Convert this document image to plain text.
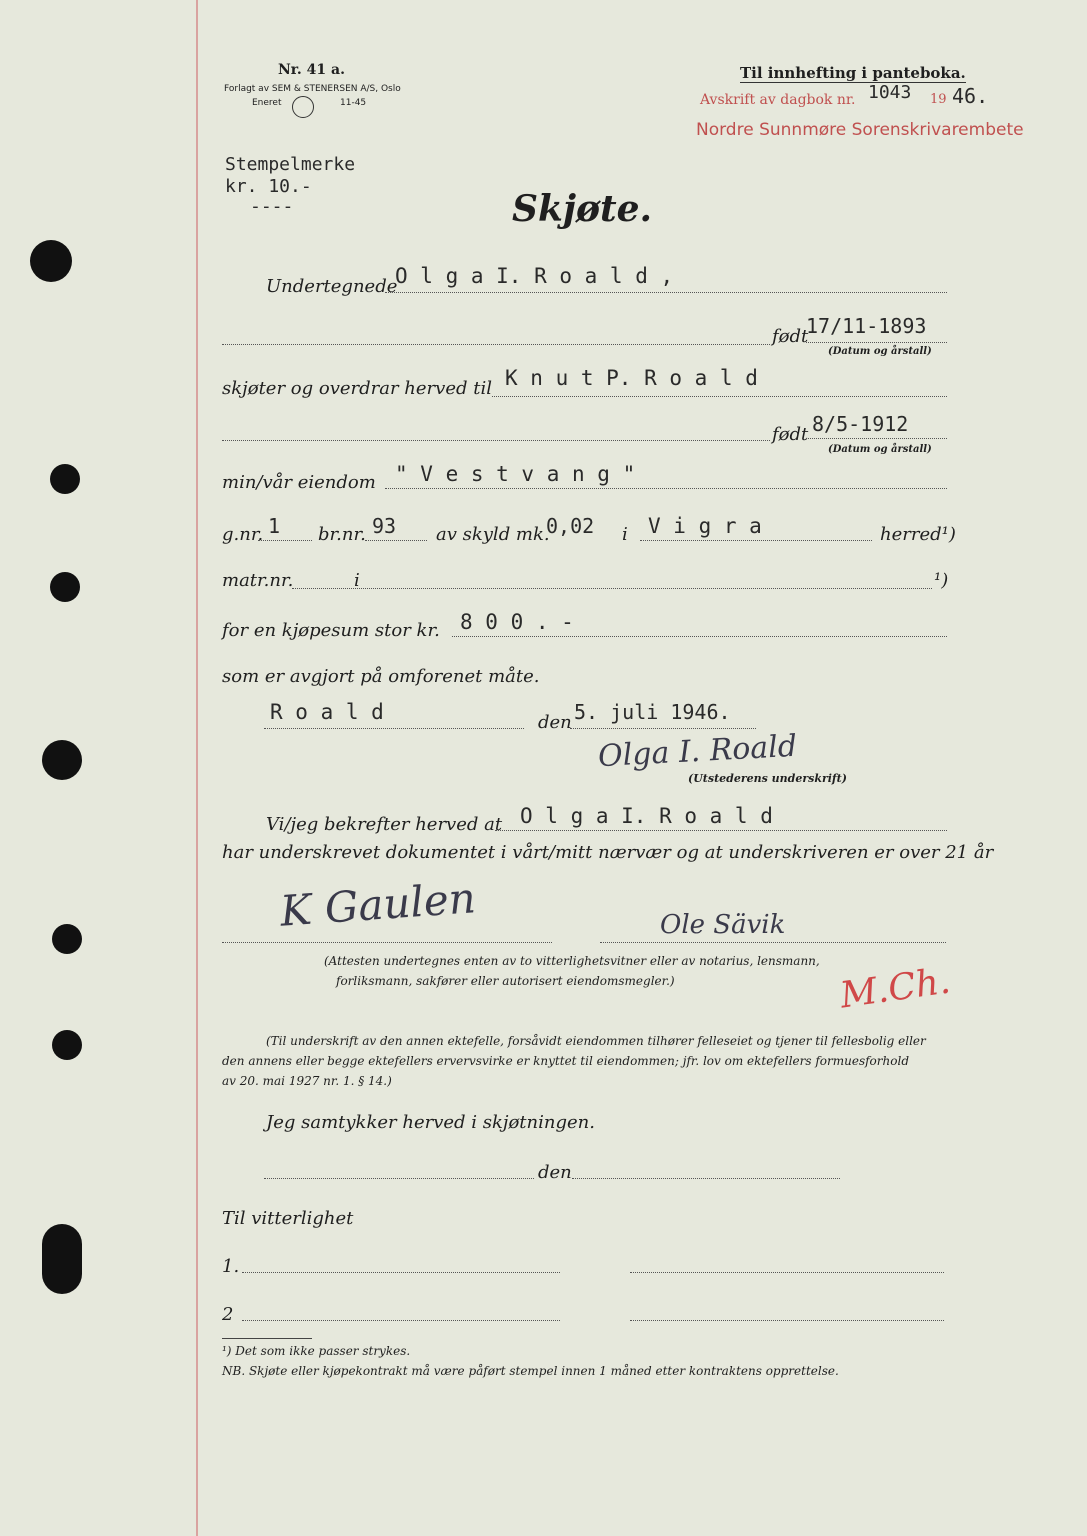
Nr. 41 a.
Forlagt av SEM & STENERSEN A/S, Oslo
Eneret	11-45
Til innhefting i panteboka.
Avskrift av dagbok nr. 1043 19 46.
Nordre Sunnmøre Sorenskrivarembete
Stempelmerke
kr. 10.-
----	Skjøte.
Undertegnede
O l g a I. R o a l d ,
født
17/11-1893
(Datum og årstall)
skjøter og overdrar herved til K n u t P. R o a l d
født 8/5-1912
(Datum og årstall)
min/vår eiendom " V e s t v a n g "
g.nr. 1 br.nr. 93 av skyld mk.
0,02 i V i g r a	herred¹)
matr.nr.	i	¹)
for en kjøpesum stor kr. 8 0 0 . -
som er avgjort på omforenet måte.
R o a l d	den 5. juli 1946.
Olga I. Roald
(Utstederens underskrift)
Vi/jeg bekrefter herved at O l g a I. R o a l d
har underskrevet dokumentet i vårt/mitt nærvær og at underskriveren er over 21 år
K Gaulen	Ole Sävik
(Attesten undertegnes enten av to vitterlighetsvitner eller av notarius, lensmann,
forliksmann, sakfører eller autorisert eiendomsmegler.)	M.Ch.
(Til underskrift av den annen ektefelle, forsåvidt eiendommen tilhører felleseiet og tjener til fellesbolig eller
den annens eller begge ektefellers ervervsvirke er knyttet til eiendommen; jfr. lov om ektefellers formuesforhold
av 20. mai 1927 nr. 1. § 14.)
Jeg samtykker herved i skjøtningen.
den
Til vitterlighet
1.
2
¹) Det som ikke passer strykes.
NB. Skjøte eller kjøpekontrakt må være påført stempel innen 1 måned etter kontraktens opprettelse.
